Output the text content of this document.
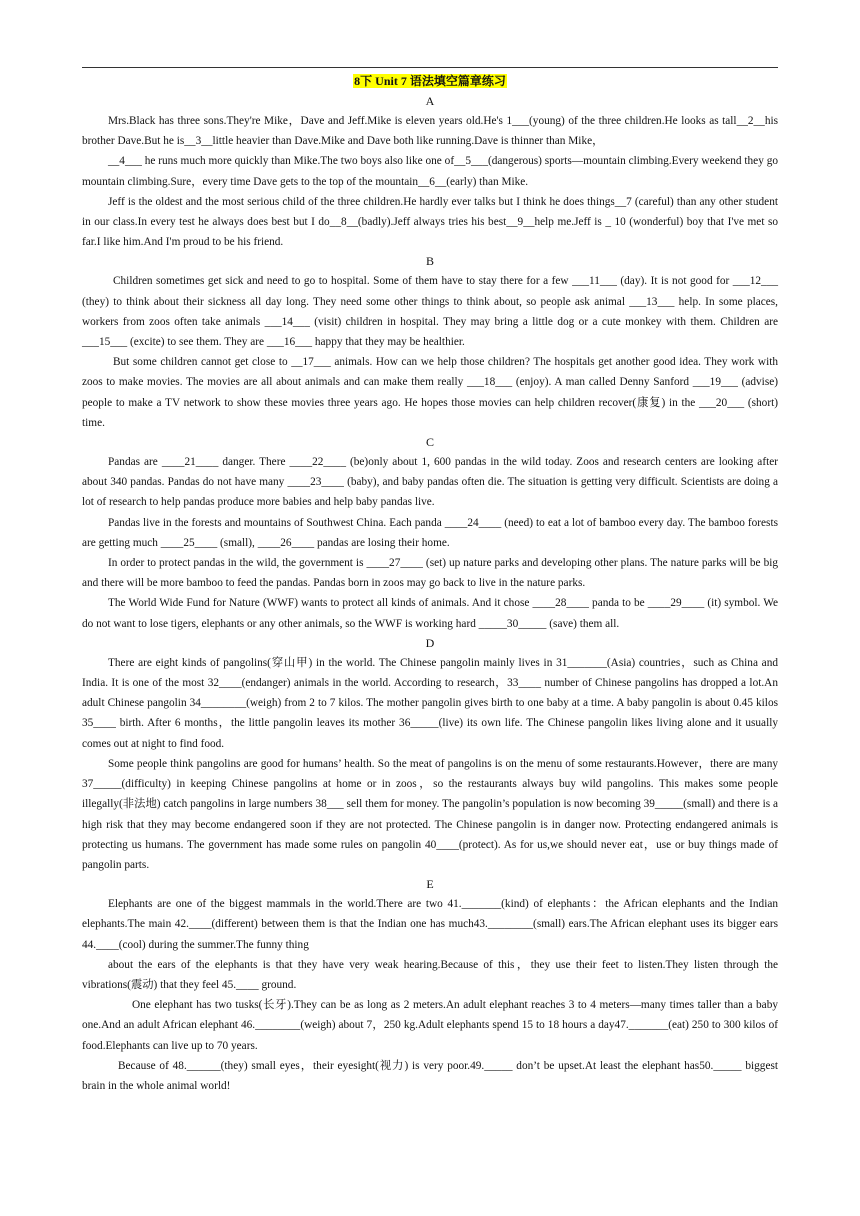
8下 Unit 7 语法填空篇章练习
A

Mrs.Black has three sons.They're Mike，Dave and Jeff.Mike is eleven years old.He's 1___(young) of the three children.He looks as tall__2__his brother Dave.But he is__3__little heavier than Dave.Mike and Dave both like running.Dave is thinner than Mike，

__4___ he runs much more quickly than Mike.The two boys also like one of__5___(dangerous) sports—mountain climbing.Every weekend they go mountain climbing.Sure，every time Dave gets to the top of the mountain__6__(early) than Mike.

Jeff is the oldest and the most serious child of the three children.He hardly ever talks but I think he does things__7 (careful) than any other student in our class.In every test he always does best but I do__8__(badly).Jeff always tries his best__9__help me.Jeff is _ 10 (wonderful) boy that I've met so far.I like him.And I'm proud to be his friend.

B

Children sometimes get sick and need to go to hospital. Some of them have to stay there for a few ___11___ (day). It is not good for ___12___ (they) to think about their sickness all day long. They need some other things to think about, so people ask animal ___13___ help. In some places, workers from zoos often take animals ___14___ (visit) children in hospital. They may bring a little dog or a cute monkey with them. Children are ___15___ (excite) to see them. They are ___16___ happy that they may be healthier.

But some children cannot get close to __17___ animals. How can we help those children? The hospitals get another good idea. They work with zoos to make movies. The movies are all about animals and can make them really ___18___ (enjoy). A man called Denny Sanford ___19___ (advise) people to make a TV network to show these movies three years ago. He hopes those movies can help children recover(康复) in the ___20___ (short) time.

C

Pandas are ____21____ danger. There ____22____ (be)only about 1, 600 pandas in the wild today. Zoos and research centers are looking after about 340 pandas. Pandas do not have many ____23____ (baby), and baby pandas often die. The situation is getting very difficult. Scientists are doing a lot of research to help pandas produce more babies and help baby pandas live.

Pandas live in the forests and mountains of Southwest China. Each panda ____24____ (need) to eat a lot of bamboo every day. The bamboo forests are getting much ____25____ (small), ____26____ pandas are losing their home.

In order to protect pandas in the wild, the government is ____27____ (set) up nature parks and developing other plans. The nature parks will be big and there will be more bamboo to feed the pandas. Pandas born in zoos may go back to live in the nature parks.

The World Wide Fund for Nature (WWF) wants to protect all kinds of animals. And it chose ____28____ panda to be ____29____ (it) symbol. We do not want to lose tigers, elephants or any other animals, so the WWF is working hard _____30_____ (save) them all.

D

There are eight kinds of pangolins(穿山甲) in the world. The Chinese pangolin mainly lives in 31_______(Asia) countries，such as China and India. It is one of the most 32____(endanger) animals in the world. According to research，33____ number of Chinese pangolins has dropped a lot.An adult Chinese pangolin 34________(weigh) from 2 to 7 kilos. The mother pangolin gives birth to one baby at a time. A baby pangolin is about 0.45 kilos 35____ birth. After 6 months，the little pangolin leaves its mother 36_____(live) its own life. The Chinese pangolin likes living alone and it usually comes out at night to find food.

Some people think pangolins are good for humans’ health. So the meat of pangolins is on the menu of some restaurants.However，there are many 37_____(difficulty) in keeping Chinese pangolins at home or in zoos，so the restaurants always buy wild pangolins. This makes some people illegally(非法地) catch pangolins in large numbers 38___ sell them for money. The pangolin’s population is now becoming 39_____(small) and there is a high risk that they may become endangered soon if they are not protected. The Chinese pangolin is in danger now. Protecting endangered animals is protecting us humans. The government has made some rules on pangolin 40____(protect). As for us,we should never eat，use or buy things made of pangolin parts.

E

Elephants are one of the biggest mammals in the world.There are two 41._______(kind) of elephants：the African elephants and the Indian elephants.The main 42.____(different) between them is that the Indian one has much43.________(small) ears.The African elephant uses its bigger ears 44.____(cool) during the summer.The funny thing

about the ears of the elephants is that they have very weak hearing.Because of this，they use their feet to listen.They listen through the vibrations(震动) that they feel 45.____ ground.

One elephant has two tusks(长牙).They can be as long as 2 meters.An adult elephant reaches 3 to 4 meters—many times taller than a baby one.And an adult African elephant 46.________(weigh) about 7，250 kg.Adult elephants spend 15 to 18 hours a day47._______(eat) 250 to 300 kilos of food.Elephants can live up to 70 years.

Because of 48.______(they) small eyes，their eyesight(视力) is very poor.49._____ don’t be upset.At least the elephant has50._____ biggest brain in the whole animal world!
